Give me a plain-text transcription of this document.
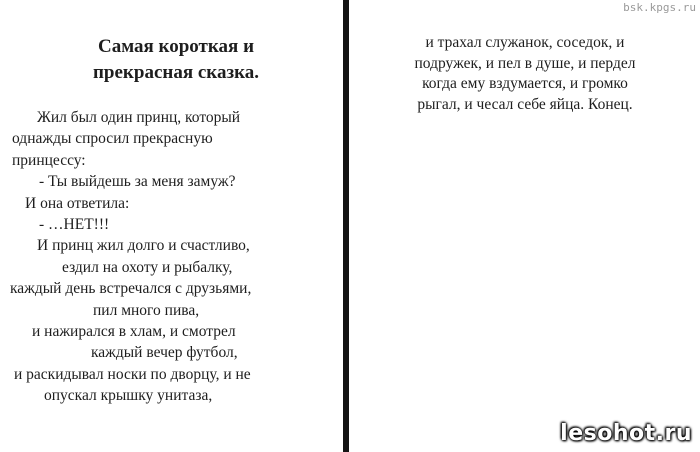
Самая короткая и
прекрасная сказка.
Жил был один принц, который
однажды спросил прекрасную
принцессу:
- Ты выйдешь за меня замуж?
И она ответила:
- …НЕТ!!!
И принц жил долго и счастливо,
ездил на охоту и рыбалку,
каждый день встречался с друзьями,
пил много пива,
и нажирался в хлам, и смотрел
каждый вечер футбол,
и раскидывал носки по дворцу, и не
опускал крышку унитаза,
и трахал служанок, соседок, и
подружек, и пел в душе, и пердел
когда ему вздумается, и громко
рыгал, и чесал себе яйца. Конец.
bsk.kpgs.ru
lesohot.ru
